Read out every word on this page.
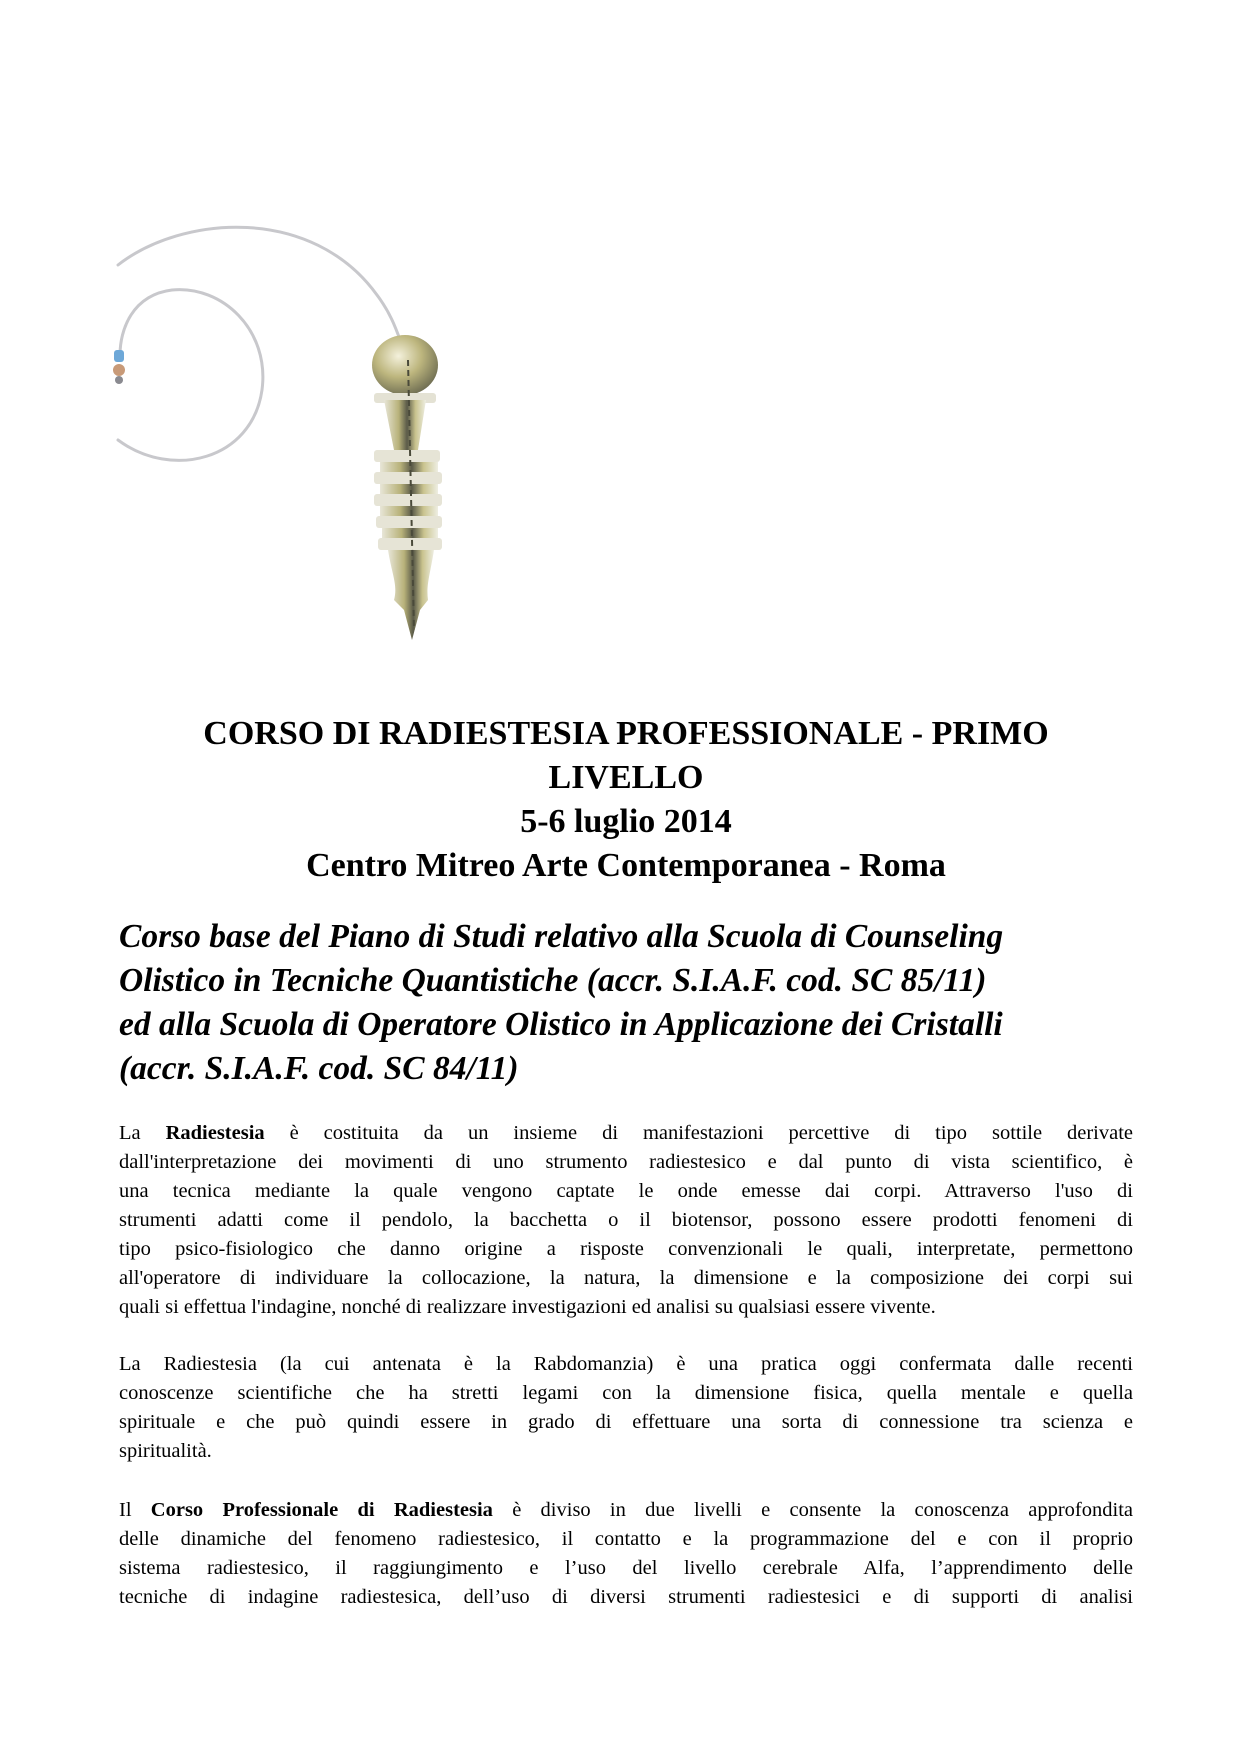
CORSO DI RADIESTESIA PROFESSIONALE - PRIMO
LIVELLO
5-6 luglio 2014
Centro Mitreo Arte Contemporanea - Roma
Corso base del Piano di Studi relativo alla Scuola di Counseling
Olistico in Tecniche Quantistiche (accr. S.I.A.F. cod. SC 85/11)
ed alla Scuola di Operatore Olistico in Applicazione dei Cristalli
(accr. S.I.A.F. cod. SC 84/11)
La Radiestesia è costituita da un insieme di manifestazioni percettive di tipo sottile derivate
dall'interpretazione dei movimenti di uno strumento radiestesico e dal punto di vista scientifico, è
una tecnica mediante la quale vengono captate le onde emesse dai corpi. Attraverso l'uso di
strumenti adatti come il pendolo, la bacchetta o il biotensor, possono essere prodotti fenomeni di
tipo psico-fisiologico che danno origine a risposte convenzionali le quali, interpretate, permettono
all'operatore di individuare la collocazione, la natura, la dimensione e la composizione dei corpi sui
quali si effettua l'indagine, nonché di realizzare investigazioni ed analisi su qualsiasi essere vivente.
La Radiestesia (la cui antenata è la Rabdomanzia) è una pratica oggi confermata dalle recenti
conoscenze scientifiche che ha stretti legami con la dimensione fisica, quella mentale e quella
spirituale e che può quindi essere in grado di effettuare una sorta di connessione tra scienza e
spiritualità.
Il Corso Professionale di Radiestesia è diviso in due livelli e consente la conoscenza approfondita
delle dinamiche del fenomeno radiestesico, il contatto e la programmazione del e con il proprio
sistema radiestesico, il raggiungimento e l’uso del livello cerebrale Alfa, l’apprendimento delle
tecniche di indagine radiestesica, dell’uso di diversi strumenti radiestesici e di supporti di analisi
